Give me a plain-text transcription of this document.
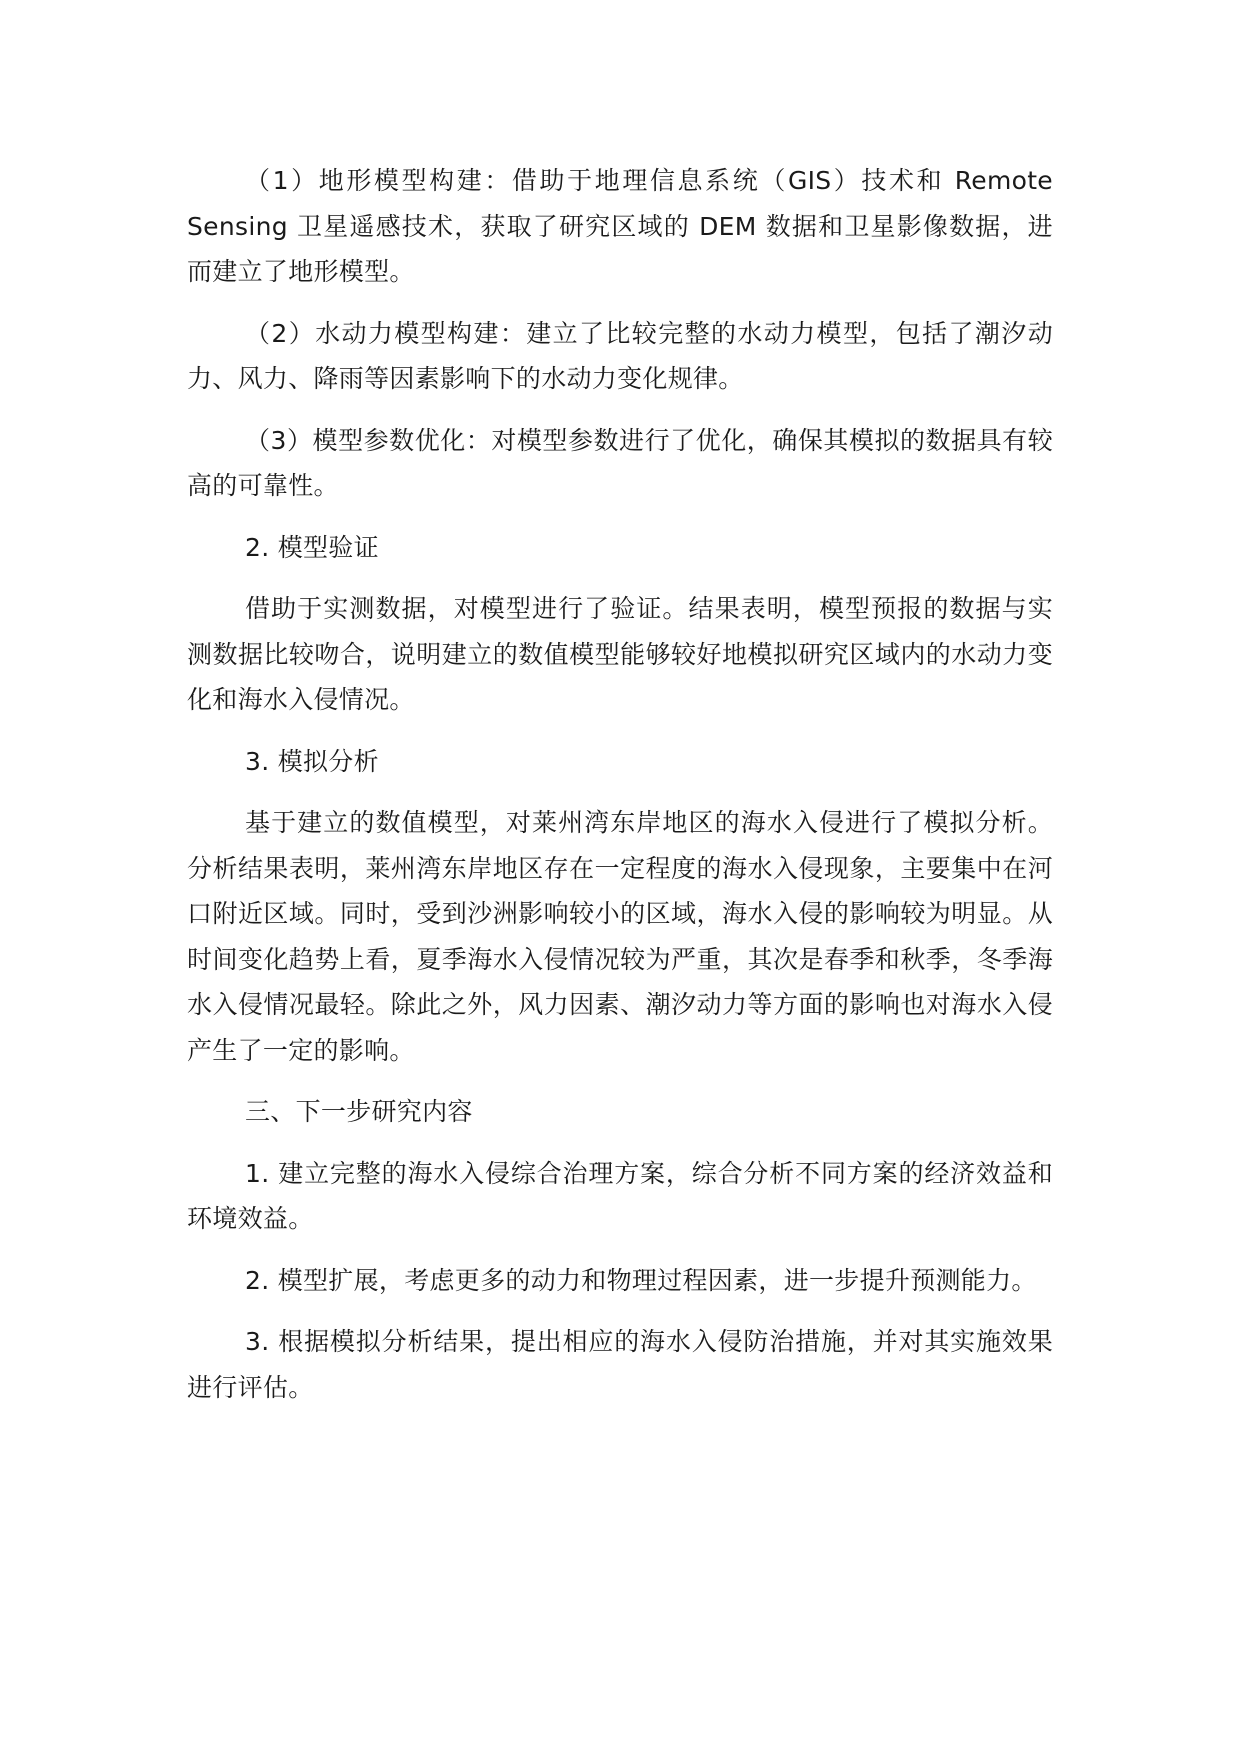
（1）地形模型构建：借助于地理信息系统（GIS）技术和 Remote Sensing 卫星遥感技术，获取了研究区域的 DEM 数据和卫星影像数据，进而建立了地形模型。

（2）水动力模型构建：建立了比较完整的水动力模型，包括了潮汐动力、风力、降雨等因素影响下的水动力变化规律。

（3）模型参数优化：对模型参数进行了优化，确保其模拟的数据具有较高的可靠性。

2. 模型验证

借助于实测数据，对模型进行了验证。结果表明，模型预报的数据与实测数据比较吻合，说明建立的数值模型能够较好地模拟研究区域内的水动力变化和海水入侵情况。

3. 模拟分析

基于建立的数值模型，对莱州湾东岸地区的海水入侵进行了模拟分析。分析结果表明，莱州湾东岸地区存在一定程度的海水入侵现象，主要集中在河口附近区域。同时，受到沙洲影响较小的区域，海水入侵的影响较为明显。从时间变化趋势上看，夏季海水入侵情况较为严重，其次是春季和秋季，冬季海水入侵情况最轻。除此之外，风力因素、潮汐动力等方面的影响也对海水入侵产生了一定的影响。

三、下一步研究内容

1. 建立完整的海水入侵综合治理方案，综合分析不同方案的经济效益和环境效益。

2. 模型扩展，考虑更多的动力和物理过程因素，进一步提升预测能力。

3. 根据模拟分析结果，提出相应的海水入侵防治措施，并对其实施效果进行评估。
